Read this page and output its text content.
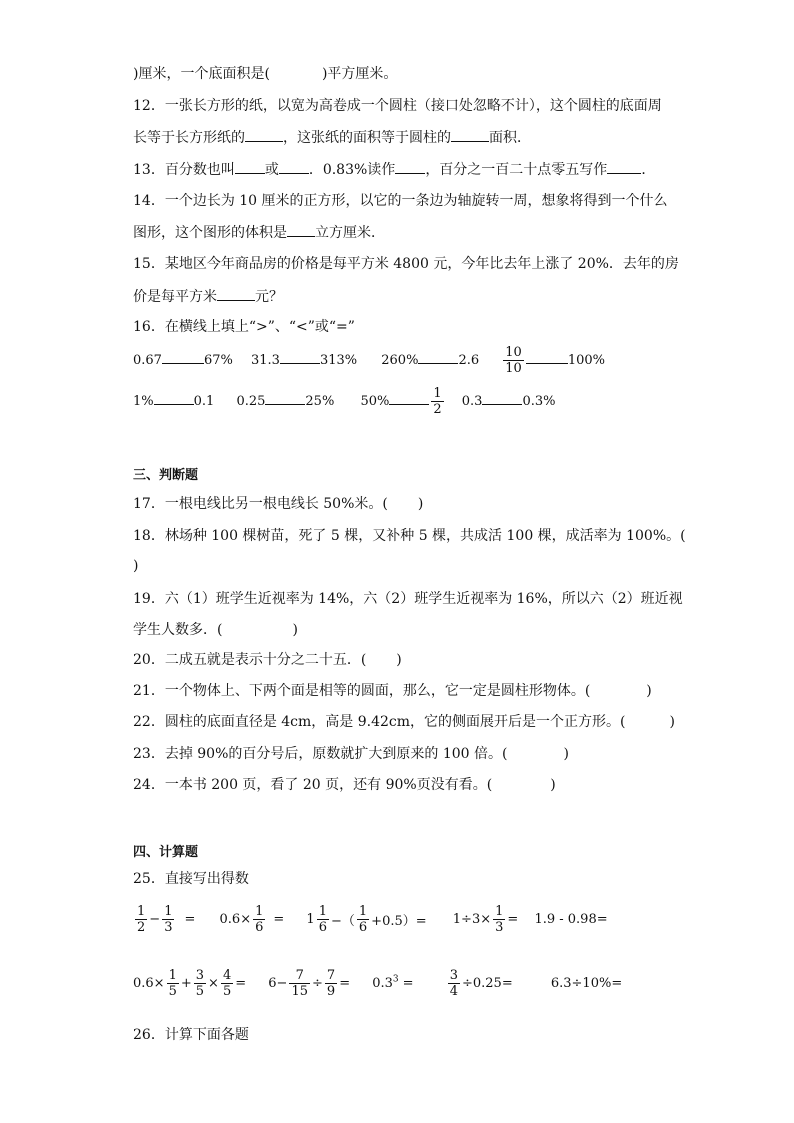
)厘米，一个底面积是(	)平方厘米。
12．一张长方形的纸，以宽为高卷成一个圆柱（接口处忽略不计），这个圆柱的底面周
长等于长方形纸的	，这张纸的面积等于圆柱的	面积．
13．百分数也叫 或 ．0.83%读作 ，百分之一百二十点零五写作 ．
14．一个边长为 10 厘米的正方形，以它的一条边为轴旋转一周，想象将得到一个什么
图形，这个图形的体积是 立方厘米．
15．某地区今年商品房的价格是每平方米 4800 元，今年比去年上涨了 20%．去年的房
价是每平方米	元？
16．在横线上填上“>”、“<”或“=”
0.67	67% 31.3	313% 260%	$2.6 \frac{10}{10}$	100%
1%	0.1 0.25	25% 50%	$\frac{1}{2} 0.3$	0.3%
三、判断题
17．一根电线比另一根电线长 50%米。( )
18．林场种 100 棵树苗，死了 5 棵，又补种 5 棵，共成活 100 棵，成活率为 100%。(
)
19．六（1）班学生近视率为 14%，六（2）班学生近视率为 16%，所以六（2）班近视
学生人数多．(	)
20．二成五就是表示十分之二十五．( )
21．一个物体上、下两个面是相等的圆面，那么，它一定是圆柱形物体。(	)
22．圆柱的底面直径是 4cm，高是 9.42cm，它的侧面展开后是一个正方形。(	)
23．去掉 90%的百分号后，原数就扩大到原来的 100 倍。(	)
24．一本书 200 页，看了 20 页，还有 90%页没有看。(	)
四、计算题
25．直接写出得数
$\frac{1}{2} - \frac{1}{3} = 0.6\times \frac{1}{6} = 1 \frac{1}{6}$ −（ $\frac{1}{6} +0.5)= 1\div 3\times \frac{1}{3} = 1.9 - 0.98=$
$0.6\times \frac{1}{5} + \frac{3}{5} \times \frac{4}{5} = 6- \frac{7}{15} \div \frac{7}{9} = 0.3^3$ =	$\frac{3}{4} \div 0.25=$	6.3÷10%=
26．计算下面各题
